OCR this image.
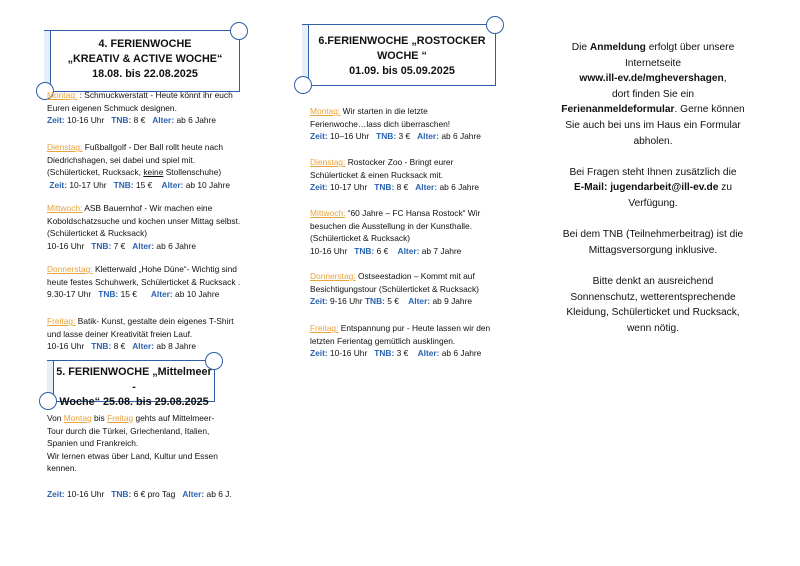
4. FERIENWOCHE
„KREATIV & ACTIVE WOCHE“
18.08. bis 22.08.2025
Montag: : Schmuckwerstatt - Heute könnt ihr euch
Euren eigenen Schmuck designen.
Zeit: 10-16 Uhr TNB: 8 € Alter: ab 6 Jahre
Dienstag: Fußballgolf - Der Ball rollt heute nach
Diedrichshagen, sei dabei und spiel mit.
(Schülerticket, Rucksack, keine Stollenschuhe)
Zeit: 10-17 Uhr TNB: 15 € Alter: ab 10 Jahre
Mittwoch: ASB Bauernhof - Wir machen eine
Koboldschatzsuche und kochen unser Mittag selbst.
(Schülerticket & Rucksack)
10-16 Uhr TNB: 7 € Alter: ab 6 Jahre
Donnerstag: Kletterwald „Hohe Düne“- Wichtig sind
heute festes Schuhwerk, Schülerticket & Rucksack .
9.30-17 Uhr TNB: 15 € Alter: ab 10 Jahre
Freitag: Batik- Kunst, gestalte dein eigenes T-Shirt
und lasse deiner Kreativität freien Lauf.
10-16 Uhr TNB: 8 € Alter: ab 8 Jahre
5. FERIENWOCHE „Mittelmeer -
Woche“ 25.08. bis 29.08.2025
Von Montag bis Freitag gehts auf Mittelmeer-
Tour durch die Türkei, Griechenland, Italien,
Spanien und Frankreich.
Wir lernen etwas über Land, Kultur und Essen
kennen.
Zeit: 10-16 Uhr TNB: 6 € pro Tag Alter: ab 6 J.
6.FERIENWOCHE „ROSTOCKER
WOCHE “
01.09. bis 05.09.2025
Montag: Wir starten in die letzte
Ferienwoche…lass dich überraschen!
Zeit: 10–16 Uhr TNB: 3 € Alter: ab 6 Jahre
Dienstag: Rostocker Zoo - Bringt eurer
Schülerticket & einen Rucksack mit.
Zeit: 10-17 Uhr TNB: 8 € Alter: ab 6 Jahre
Mittwoch: “60 Jahre – FC Hansa Rostock“ Wir
besuchen die Ausstellung in der Kunsthalle.
(Schülerticket & Rucksack)
10-16 Uhr TNB: 6 € Alter: ab 7 Jahre
Donnerstag: Ostseestadion – Kommt mit auf
Besichtigungstour (Schülerticket & Rucksack)
Zeit: 9-16 Uhr TNB: 5 € Alter: ab 9 Jahre
Freitag: Entspannung pur - Heute lassen wir den
letzten Ferientag gemütlich ausklingen.
Zeit: 10-16 Uhr TNB: 3 € Alter: ab 6 Jahre
Die Anmeldung erfolgt über unsere
Internetseite
www.ill-ev.de/mghevershagen,
dort finden Sie ein
Ferienanmeldeformular. Gerne können
Sie auch bei uns im Haus ein Formular
abholen.
Bei Fragen steht Ihnen zusätzlich die
E-Mail: jugendarbeit@ill-ev.de zu
Verfügung.
Bei dem TNB (Teilnehmerbeitrag) ist die
Mittagsversorgung inklusive.
Bitte denkt an ausreichend
Sonnenschutz, wetterentsprechende
Kleidung, Schülerticket und Rucksack,
wenn nötig.
